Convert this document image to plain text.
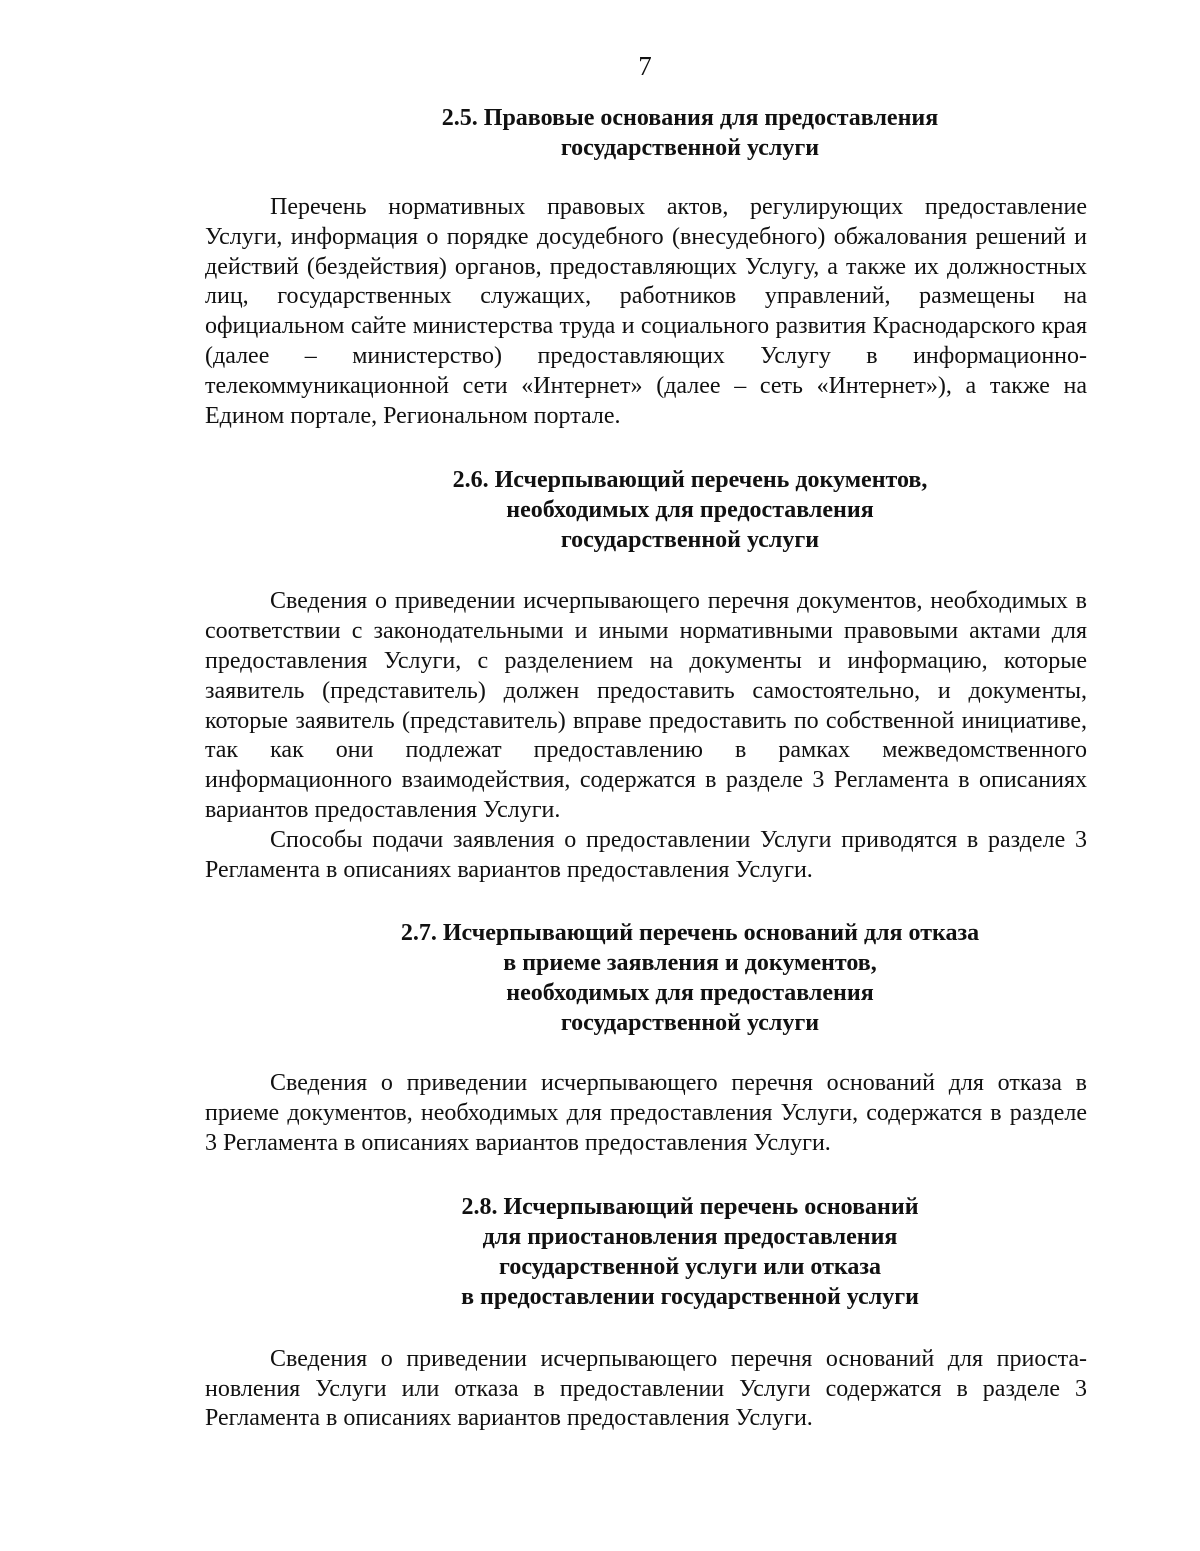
7
2.5. Правовые основания для предоставления
государственной услуги

Перечень нормативных правовых актов, регулирующих предоставление Услуги, информация о порядке досудебного (внесудебного) обжалования решений и действий (бездействия) органов, предоставляющих Услугу, а также их должностных лиц, государственных служащих, работников управлений, размещены на официальном сайте министерства труда и социального развития Краснодарского края (далее – министерство) предоставляющих Услугу в информационно-телекоммуникационной сети «Интернет» (далее – сеть «Интернет»), а также на Едином портале, Региональном портале.

2.6. Исчерпывающий перечень документов,
необходимых для предоставления
государственной услуги

Сведения о приведении исчерпывающего перечня документов, необходимых в соответствии с законодательными и иными нормативными правовыми актами для предоставления Услуги, с разделением на документы и информацию, которые заявитель (представитель) должен предоставить самостоятельно, и документы, которые заявитель (представитель) вправе предоставить по собственной инициативе, так как они подлежат предоставлению в рамках межведомственного информационного взаимодействия, содержатся в разделе 3 Регламента в описаниях вариантов предоставления Услуги.

Способы подачи заявления о предоставлении Услуги приводятся в разделе 3 Регламента в описаниях вариантов предоставления Услуги.

2.7. Исчерпывающий перечень оснований для отказа
в приеме заявления и документов,
необходимых для предоставления
государственной услуги

Сведения о приведении исчерпывающего перечня оснований для отказа в приеме документов, необходимых для предоставления Услуги, содержатся в разделе 3 Регламента в описаниях вариантов предоставления Услуги.

2.8. Исчерпывающий перечень оснований
для приостановления предоставления
государственной услуги или отказа
в предоставлении государственной услуги

Сведения о приведении исчерпывающего перечня оснований для приостановления Услуги или отказа в предоставлении Услуги содержатся в разделе 3 Регламента в описаниях вариантов предоставления Услуги.
